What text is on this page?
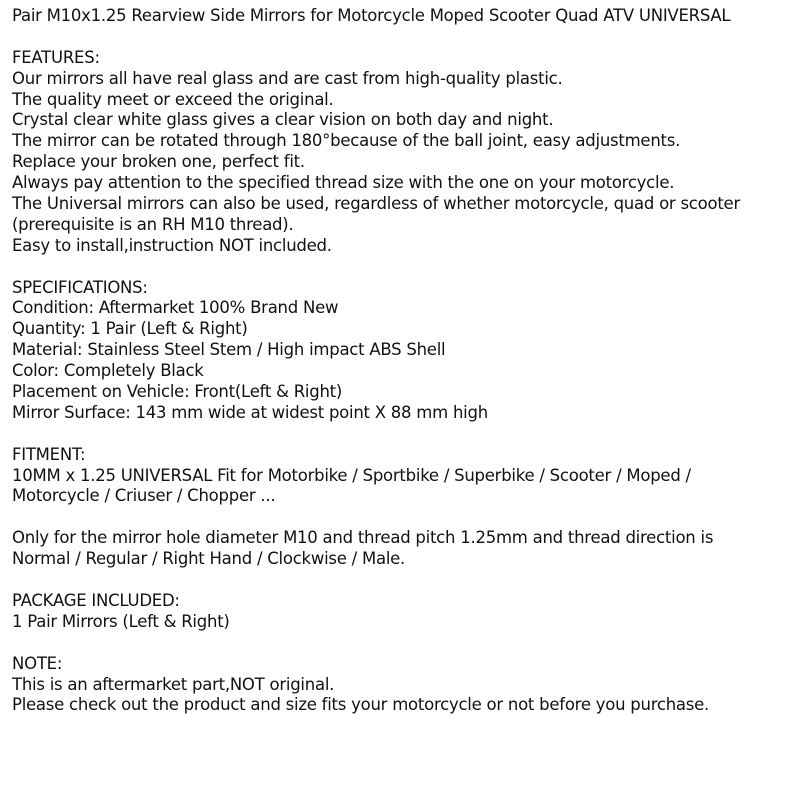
Pair M10x1.25 Rearview Side Mirrors for Motorcycle Moped Scooter Quad ATV UNIVERSAL
FEATURES:
Our mirrors all have real glass and are cast from high-quality plastic.
The quality meet or exceed the original.
Crystal clear white glass gives a clear vision on both day and night.
The mirror can be rotated through 180°because of the ball joint, easy adjustments.
Replace your broken one, perfect fit.
Always pay attention to the specified thread size with the one on your motorcycle.
The Universal mirrors can also be used, regardless of whether motorcycle, quad or scooter
(prerequisite is an RH M10 thread).
Easy to install,instruction NOT included.
SPECIFICATIONS:
Condition: Aftermarket 100% Brand New
Quantity: 1 Pair (Left & Right)
Material: Stainless Steel Stem / High impact ABS Shell
Color: Completely Black
Placement on Vehicle: Front(Left & Right)
Mirror Surface: 143 mm wide at widest point X 88 mm high
FITMENT:
10MM x 1.25 UNIVERSAL Fit for Motorbike / Sportbike / Superbike / Scooter / Moped /
Motorcycle / Criuser / Chopper ...
Only for the mirror hole diameter M10 and thread pitch 1.25mm and thread direction is
Normal / Regular / Right Hand / Clockwise / Male.
PACKAGE INCLUDED:
1 Pair Mirrors (Left & Right)
NOTE:
This is an aftermarket part,NOT original.
Please check out the product and size fits your motorcycle or not before you purchase.
